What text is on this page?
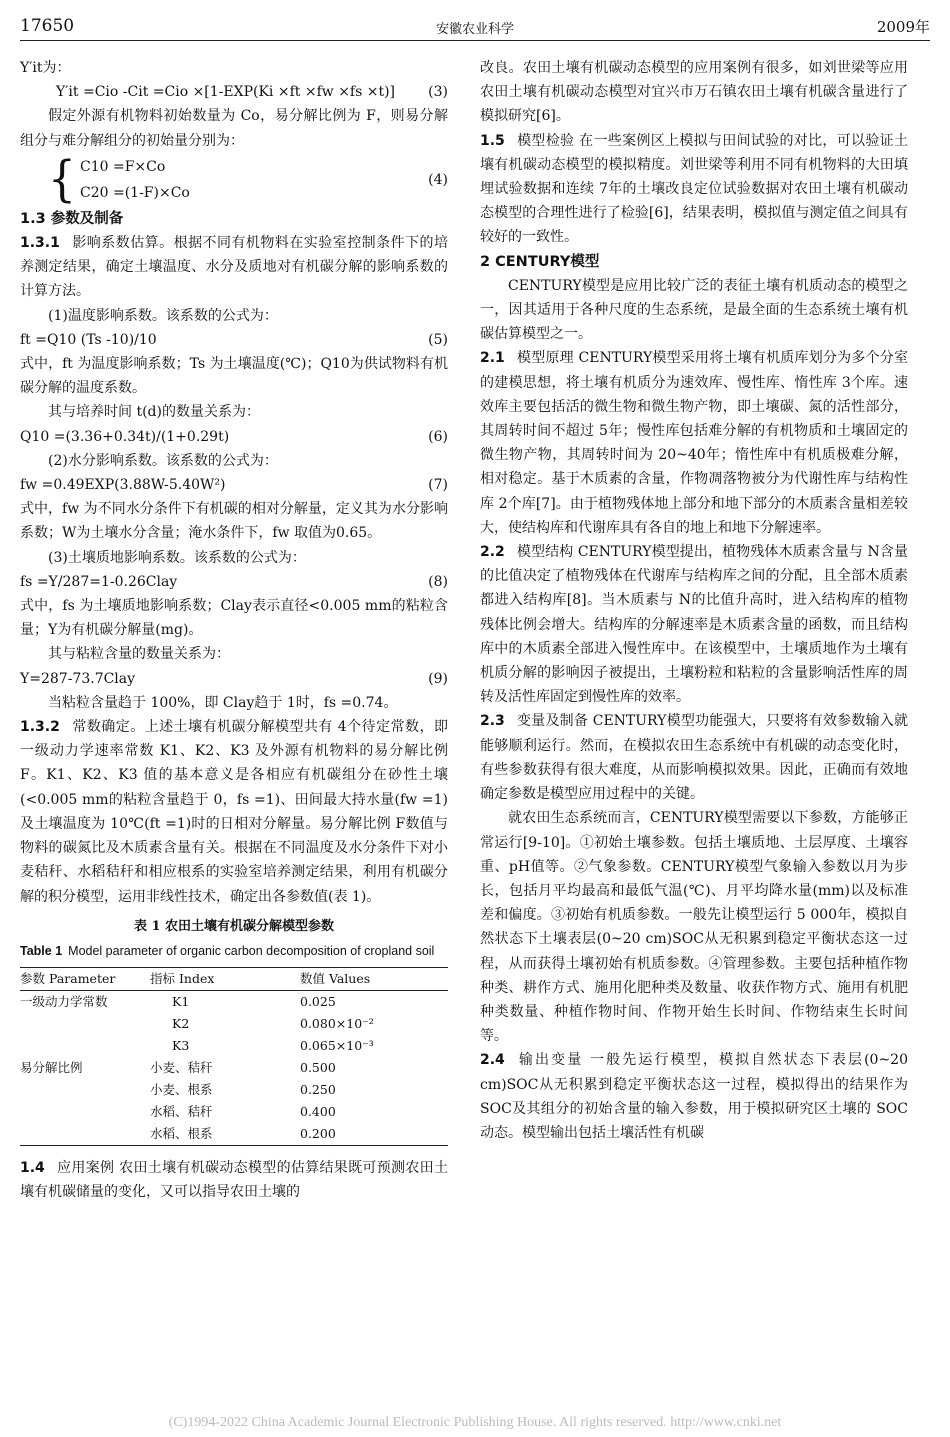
17650	安徽农业科学	2009年

Y′it为：

Y′it =Cio -Cit =Cio ×[1-EXP(Ki ×ft ×fw ×fs ×t)] (3)

假定外源有机物料初始数量为 Co，易分解比例为 F，则易分解组分与难分解组分的初始量分别为：

{ C10 =F×Co
C20 =(1-F)×Co
(4)

1.3 参数及制备

1.3.1 影响系数估算。根据不同有机物料在实验室控制条件下的培养测定结果，确定土壤温度、水分及质地对有机碳分解的影响系数的计算方法。

(1)温度影响系数。该系数的公式为：

ft =Q10 (Ts -10)/10	(5)

式中，ft 为温度影响系数；Ts 为土壤温度(℃)；Q10为供试物料有机碳分解的温度系数。

其与培养时间 t(d)的数量关系为：

Q10 =(3.36+0.34t)/(1+0.29t)	(6)

(2)水分影响系数。该系数的公式为：

fw =0.49EXP(3.88W-5.40W²)	(7)

式中，fw 为不同水分条件下有机碳的相对分解量，定义其为水分影响系数；W为土壤水分含量；淹水条件下，fw 取值为0.65。

(3)土壤质地影响系数。该系数的公式为：

fs =Y/287=1-0.26Clay	(8)

式中，fs 为土壤质地影响系数；Clay表示直径<0.005 mm的粘粒含量；Y为有机碳分解量(mg)。

其与粘粒含量的数量关系为：

Y=287-73.7Clay	(9)

当粘粒含量趋于 100%，即 Clay趋于 1时，fs =0.74。

1.3.2 常数确定。上述土壤有机碳分解模型共有 4个待定常数，即一级动力学速率常数 K1、K2、K3 及外源有机物料的易分解比例 F。K1、K2、K3 值的基本意义是各相应有机碳组分在砂性土壤(<0.005 mm的粘粒含量趋于 0，fs =1)、田间最大持水量(fw =1)及土壤温度为 10℃(ft =1)时的日相对分解量。易分解比例 F数值与物料的碳氮比及木质素含量有关。根据在不同温度及水分条件下对小麦秸秆、水稻秸秆和相应根系的实验室培养测定结果，利用有机碳分解的积分模型，运用非线性技术，确定出各参数值(表 1)。

表 1 农田土壤有机碳分解模型参数
Table 1 Model parameter of organic carbon decomposition of cropland soil
参数 Parameter	指标 Index	数值 Values
一级动力学常数	K1	0.025
	K2	0.080×10⁻²
	K3	0.065×10⁻³
易分解比例	小麦、秸秆	0.500
	小麦、根系	0.250
	水稻、秸秆	0.400
	水稻、根系	0.200

1.4 应用案例 农田土壤有机碳动态模型的估算结果既可预测农田土壤有机碳储量的变化，又可以指导农田土壤的

改良。农田土壤有机碳动态模型的应用案例有很多，如刘世梁等应用农田土壤有机碳动态模型对宜兴市万石镇农田土壤有机碳含量进行了模拟研究[6]。

1.5 模型检验 在一些案例区上模拟与田间试验的对比，可以验证土壤有机碳动态模型的模拟精度。刘世梁等利用不同有机物料的大田填埋试验数据和连续 7年的土壤改良定位试验数据对农田土壤有机碳动态模型的合理性进行了检验[6]，结果表明，模拟值与测定值之间具有较好的一致性。

2 CENTURY模型

CENTURY模型是应用比较广泛的表征土壤有机质动态的模型之一，因其适用于各种尺度的生态系统，是最全面的生态系统土壤有机碳估算模型之一。

2.1 模型原理 CENTURY模型采用将土壤有机质库划分为多个分室的建模思想，将土壤有机质分为速效库、慢性库、惰性库 3个库。速效库主要包括活的微生物和微生物产物，即土壤碳、氮的活性部分，其周转时间不超过 5年；慢性库包括难分解的有机物质和土壤固定的微生物产物，其周转时间为 20~40年；惰性库中有机质极难分解，相对稳定。基于木质素的含量，作物凋落物被分为代谢性库与结构性库 2个库[7]。由于植物残体地上部分和地下部分的木质素含量相差较大，使结构库和代谢库具有各自的地上和地下分解速率。

2.2 模型结构 CENTURY模型提出，植物残体木质素含量与 N含量的比值决定了植物残体在代谢库与结构库之间的分配，且全部木质素都进入结构库[8]。当木质素与 N的比值升高时，进入结构库的植物残体比例会增大。结构库的分解速率是木质素含量的函数，而且结构库中的木质素全部进入慢性库中。在该模型中，土壤质地作为土壤有机质分解的影响因子被提出，土壤粉粒和粘粒的含量影响活性库的周转及活性库固定到慢性库的效率。

2.3 变量及制备 CENTURY模型功能强大，只要将有效参数输入就能够顺利运行。然而，在模拟农田生态系统中有机碳的动态变化时，有些参数获得有很大难度，从而影响模拟效果。因此，正确而有效地确定参数是模型应用过程中的关键。

就农田生态系统而言，CENTURY模型需要以下参数，方能够正常运行[9-10]。①初始土壤参数。包括土壤质地、土层厚度、土壤容重、pH值等。②气象参数。CENTURY模型气象输入参数以月为步长，包括月平均最高和最低气温(℃)、月平均降水量(mm)以及标准差和偏度。③初始有机质参数。一般先让模型运行 5 000年，模拟自然状态下土壤表层(0~20 cm)SOC从无积累到稳定平衡状态这一过程，从而获得土壤初始有机质参数。④管理参数。主要包括种植作物种类、耕作方式、施用化肥种类及数量、收获作物方式、施用有机肥种类数量、种植作物时间、作物开始生长时间、作物结束生长时间等。

2.4 输出变量 一般先运行模型，模拟自然状态下表层(0~20 cm)SOC从无积累到稳定平衡状态这一过程，模拟得出的结果作为 SOC及其组分的初始含量的输入参数，用于模拟研究区土壤的 SOC动态。模型输出包括土壤活性有机碳

(C)1994-2022 China Academic Journal Electronic Publishing House. All rights reserved. http://www.cnki.net
